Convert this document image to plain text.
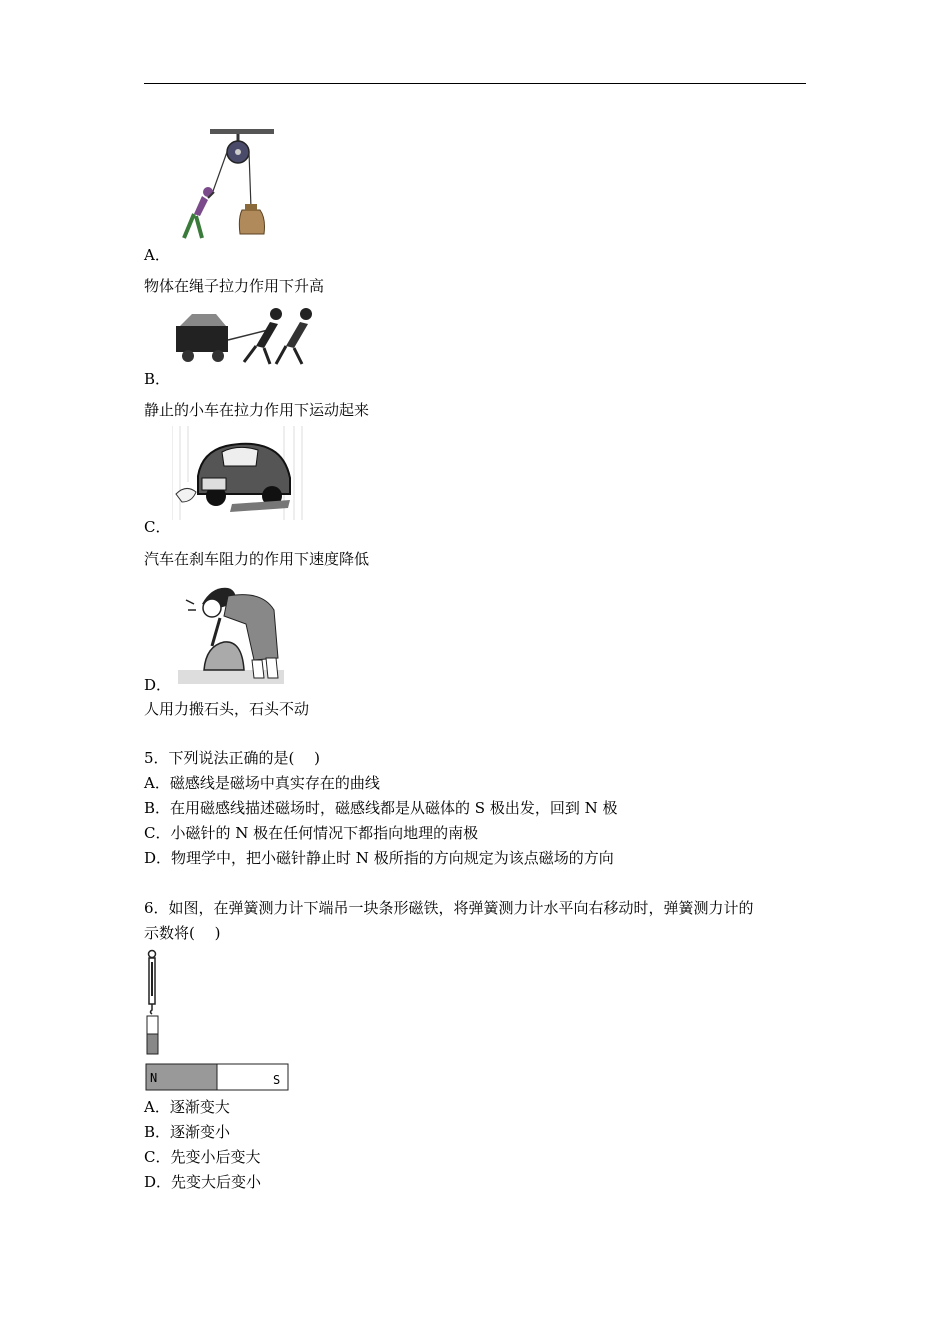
A．
物体在绳子拉力作用下升高
B．
静止的小车在拉力作用下运动起来
C．
汽车在刹车阻力的作用下速度降低
D．
人用力搬石头，石头不动
5．下列说法正确的是(　 )
A．磁感线是磁场中真实存在的曲线
B．在用磁感线描述磁场时，磁感线都是从磁体的 S 极出发，回到 N 极
C．小磁针的 N 极在任何情况下都指向地理的南极
D．物理学中，把小磁针静止时 N 极所指的方向规定为该点磁场的方向
6．如图，在弹簧测力计下端吊一块条形磁铁，将弹簧测力计水平向右移动时，弹簧测力计的
示数将(　 )
N	S
A．逐渐变大
B．逐渐变小
C．先变小后变大
D．先变大后变小
